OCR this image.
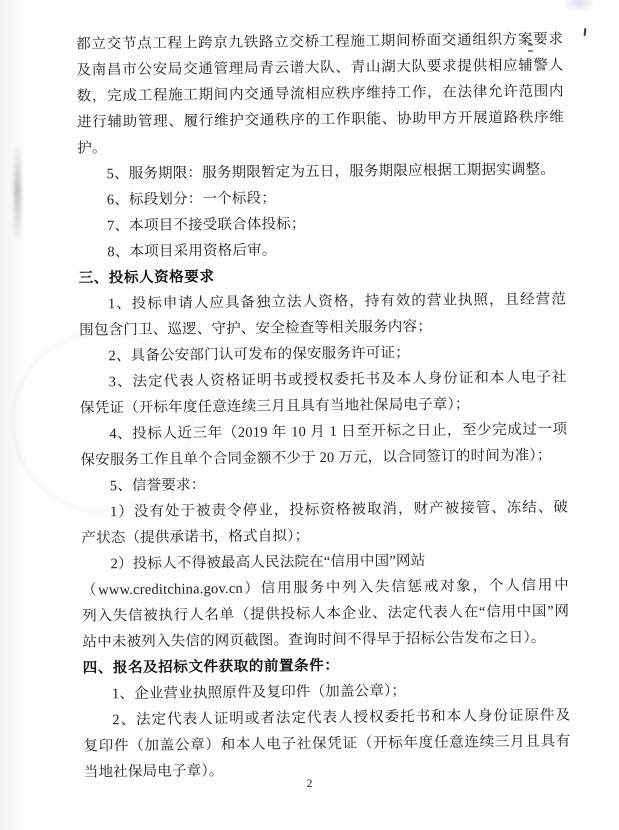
都立交节点工程上跨京九铁路立交桥工程施工期间桥面交通组织方案要求
及南昌市公安局交通管理局青云谱大队、青山湖大队要求提供相应辅警人
数，完成工程施工期间内交通导流相应秩序维持工作，在法律允许范围内
进行辅助管理、履行维护交通秩序的工作职能、协助甲方开展道路秩序维
护。
5、服务期限：服务期限暂定为五日，服务期限应根据工期据实调整。
6、标段划分：一个标段；
7、本项目不接受联合体投标；
8、本项目采用资格后审。
三、投标人资格要求
1、投标申请人应具备独立法人资格，持有效的营业执照，且经营范
围包含门卫、巡逻、守护、安全检查等相关服务内容；
2、具备公安部门认可发布的保安服务许可证；
3、法定代表人资格证明书或授权委托书及本人身份证和本人电子社
保凭证（开标年度任意连续三月且具有当地社保局电子章）；
4、投标人近三年（2019 年 10 月 1 日至开标之日止，至少完成过一项
保安服务工作且单个合同金额不少于 20 万元，以合同签订的时间为准）；
5、信誉要求：
1）没有处于被责令停业，投标资格被取消，财产被接管、冻结、破
产状态（提供承诺书，格式自拟）；
2）投标人不得被最高人民法院在“信用中国”网站
（www.creditchina.gov.cn）信用服务中列入失信惩戒对象，个人信用中
列入失信被执行人名单（提供投标人本企业、法定代表人在“信用中国”网
站中未被列入失信的网页截图。查询时间不得早于招标公告发布之日）。
四、报名及招标文件获取的前置条件：
1、企业营业执照原件及复印件（加盖公章）；
2、法定代表人证明或者法定代表人授权委托书和本人身份证原件及
复印件（加盖公章）和本人电子社保凭证（开标年度任意连续三月且具有
当地社保局电子章）。
2
